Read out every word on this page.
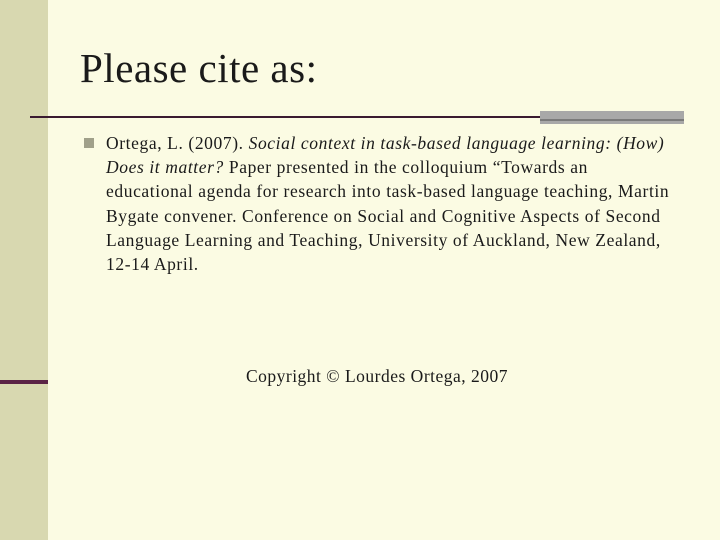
Please cite as:
Ortega, L. (2007). Social context in task-based language learning: (How) Does it matter? Paper presented in the colloquium “Towards an educational agenda for research into task-based language teaching, Martin Bygate convener. Conference on Social and Cognitive Aspects of Second Language Learning and Teaching, University of Auckland, New Zealand, 12-14 April.
Copyright © Lourdes Ortega, 2007
